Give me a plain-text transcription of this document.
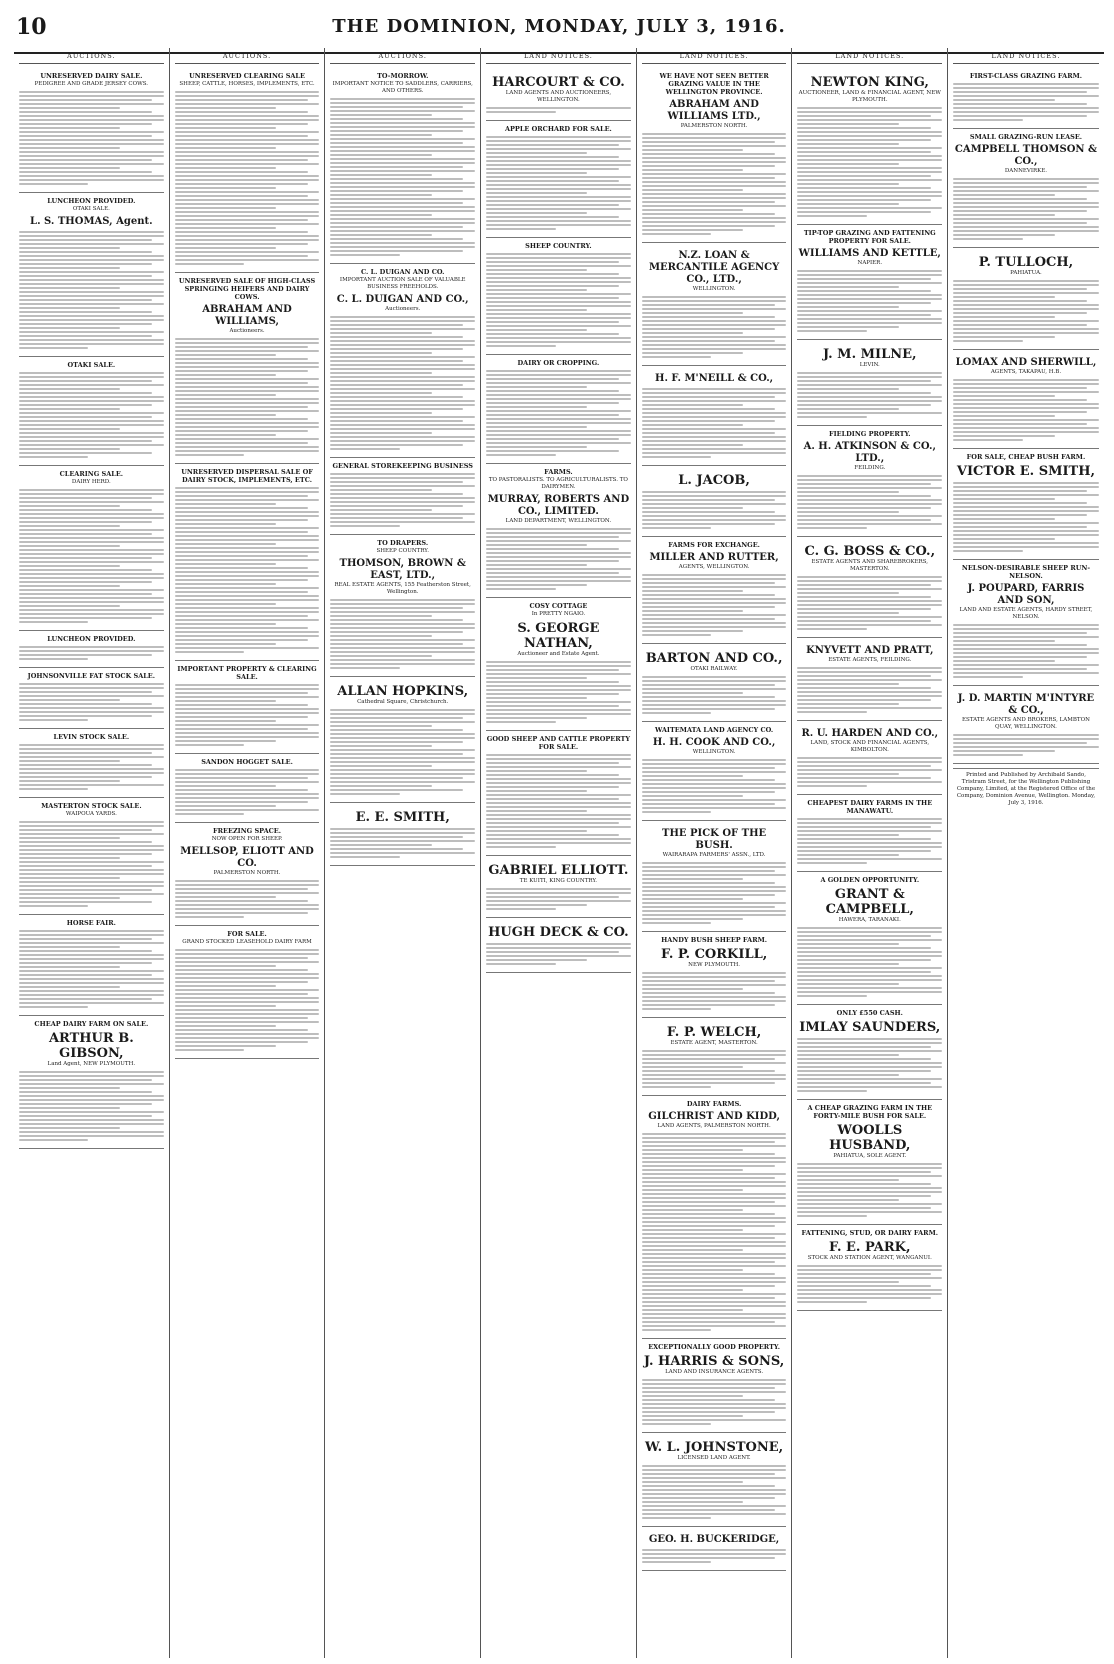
10	THE DOMINION, MONDAY, JULY 3, 1916.
AUCTIONS.
UNRESERVED DAIRY SALE.
PEDIGREE AND GRADE JERSEY COWS.
LUNCHEON PROVIDED.
OTAKI SALE.
L. S. THOMAS, Agent.
OTAKI SALE.
CLEARING SALE.
DAIRY HERD.
LUNCHEON PROVIDED.
JOHNSONVILLE FAT STOCK SALE.
LEVIN STOCK SALE.
MASTERTON STOCK SALE.
WAIPOUA YARDS.
HORSE FAIR.
CHEAP DAIRY FARM ON SALE.
ARTHUR B. GIBSON,
Land Agent, NEW PLYMOUTH.
AUCTIONS.
UNRESERVED CLEARING SALE
SHEEP, CATTLE, HORSES, IMPLEMENTS, ETC.
UNRESERVED SALE OF HIGH-CLASS SPRINGING HEIFERS AND DAIRY COWS.
ABRAHAM AND WILLIAMS,
Auctioneers.
UNRESERVED DISPERSAL SALE OF DAIRY STOCK, IMPLEMENTS, ETC.
IMPORTANT PROPERTY & CLEARING SALE.
SANDON HOGGET SALE.
FREEZING SPACE.
NOW OPEN FOR SHEEP.
MELLSOP, ELIOTT AND CO.
PALMERSTON NORTH.
FOR SALE.
GRAND STOCKED LEASEHOLD DAIRY FARM
AUCTIONS.
TO-MORROW.
IMPORTANT NOTICE TO SADDLERS, CARRIERS, AND OTHERS.
C. L. DUIGAN AND CO.
IMPORTANT AUCTION SALE OF VALUABLE BUSINESS FREEHOLDS.
C. L. DUIGAN AND CO.,
Auctioneers.
GENERAL STOREKEEPING BUSINESS
TO DRAPERS.
SHEEP COUNTRY.
THOMSON, BROWN & EAST, LTD.,
REAL ESTATE AGENTS, 155 Featherston Street, Wellington.
ALLAN HOPKINS,
Cathedral Square, Christchurch.
E. E. SMITH,
LAND NOTICES.
HARCOURT & CO.
LAND AGENTS AND AUCTIONEERS, WELLINGTON.
APPLE ORCHARD FOR SALE.
SHEEP COUNTRY.
DAIRY OR CROPPING.
FARMS.
TO PASTORALISTS. TO AGRICULTURALISTS. TO DAIRYMEN.
MURRAY, ROBERTS AND CO., LIMITED.
LAND DEPARTMENT, WELLINGTON.
COSY COTTAGE
In PRETTY NGAIO.
S. GEORGE NATHAN,
Auctioneer and Estate Agent.
GOOD SHEEP AND CATTLE PROPERTY FOR SALE.
GABRIEL ELLIOTT.
TE KUITI, KING COUNTRY.
HUGH DECK & CO.
LAND NOTICES.
WE HAVE NOT SEEN BETTER GRAZING VALUE IN THE WELLINGTON PROVINCE.
ABRAHAM AND WILLIAMS LTD.,
PALMERSTON NORTH.
N.Z. LOAN & MERCANTILE AGENCY CO., LTD.,
WELLINGTON.
H. F. M'NEILL & CO.,
L. JACOB,
FARMS FOR EXCHANGE.
MILLER AND RUTTER,
AGENTS, WELLINGTON.
BARTON AND CO.,
OTAKI RAILWAY.
WAITEMATA LAND AGENCY CO.
H. H. COOK AND CO.,
WELLINGTON.
THE PICK OF THE BUSH.
WAIRARAPA FARMERS' ASSN., LTD.
HANDY BUSH SHEEP FARM.
F. P. CORKILL,
NEW PLYMOUTH.
F. P. WELCH,
ESTATE AGENT, MASTERTON.
DAIRY FARMS.
GILCHRIST AND KIDD,
LAND AGENTS, PALMERSTON NORTH.
EXCEPTIONALLY GOOD PROPERTY.
J. HARRIS & SONS,
LAND AND INSURANCE AGENTS.
W. L. JOHNSTONE,
LICENSED LAND AGENT.
GEO. H. BUCKERIDGE,
LAND NOTICES.
NEWTON KING,
AUCTIONEER, LAND & FINANCIAL AGENT, NEW PLYMOUTH.
TIP-TOP GRAZING AND FATTENING PROPERTY FOR SALE.
WILLIAMS AND KETTLE,
NAPIER.
J. M. MILNE,
LEVIN.
FIELDING PROPERTY.
A. H. ATKINSON & CO., LTD.,
FEILDING.
C. G. BOSS & CO.,
ESTATE AGENTS AND SHAREBROKERS, MASTERTON.
KNYVETT AND PRATT,
ESTATE AGENTS, FEILDING.
R. U. HARDEN AND CO.,
LAND, STOCK AND FINANCIAL AGENTS, KIMBOLTON.
CHEAPEST DAIRY FARMS IN THE MANAWATU.
A GOLDEN OPPORTUNITY.
GRANT & CAMPBELL,
HAWERA, TARANAKI.
ONLY £550 CASH.
IMLAY SAUNDERS,
A CHEAP GRAZING FARM IN THE FORTY-MILE BUSH FOR SALE.
WOOLLS HUSBAND,
PAHIATUA, SOLE AGENT.
FATTENING, STUD, OR DAIRY FARM.
F. E. PARK,
STOCK AND STATION AGENT, WANGANUI.
LAND NOTICES.
FIRST-CLASS GRAZING FARM.
SMALL GRAZING-RUN LEASE.
CAMPBELL THOMSON & CO.,
DANNEVIRKE.
P. TULLOCH,
PAHIATUA.
LOMAX AND SHERWILL,
AGENTS, TAKAPAU, H.B.
FOR SALE, CHEAP BUSH FARM.
VICTOR E. SMITH,
NELSON-DESIRABLE SHEEP RUN-NELSON.
J. POUPARD, FARRIS AND SON,
LAND AND ESTATE AGENTS, HARDY STREET, NELSON.
J. D. MARTIN M'INTYRE & CO.,
ESTATE AGENTS AND BROKERS, LAMBTON QUAY, WELLINGTON.
Printed and Published by Archibald Sando, Tristram Street, for the Wellington Publishing Company, Limited, at the Registered Office of the Company, Dominion Avenue, Wellington. Monday, July 3, 1916.
